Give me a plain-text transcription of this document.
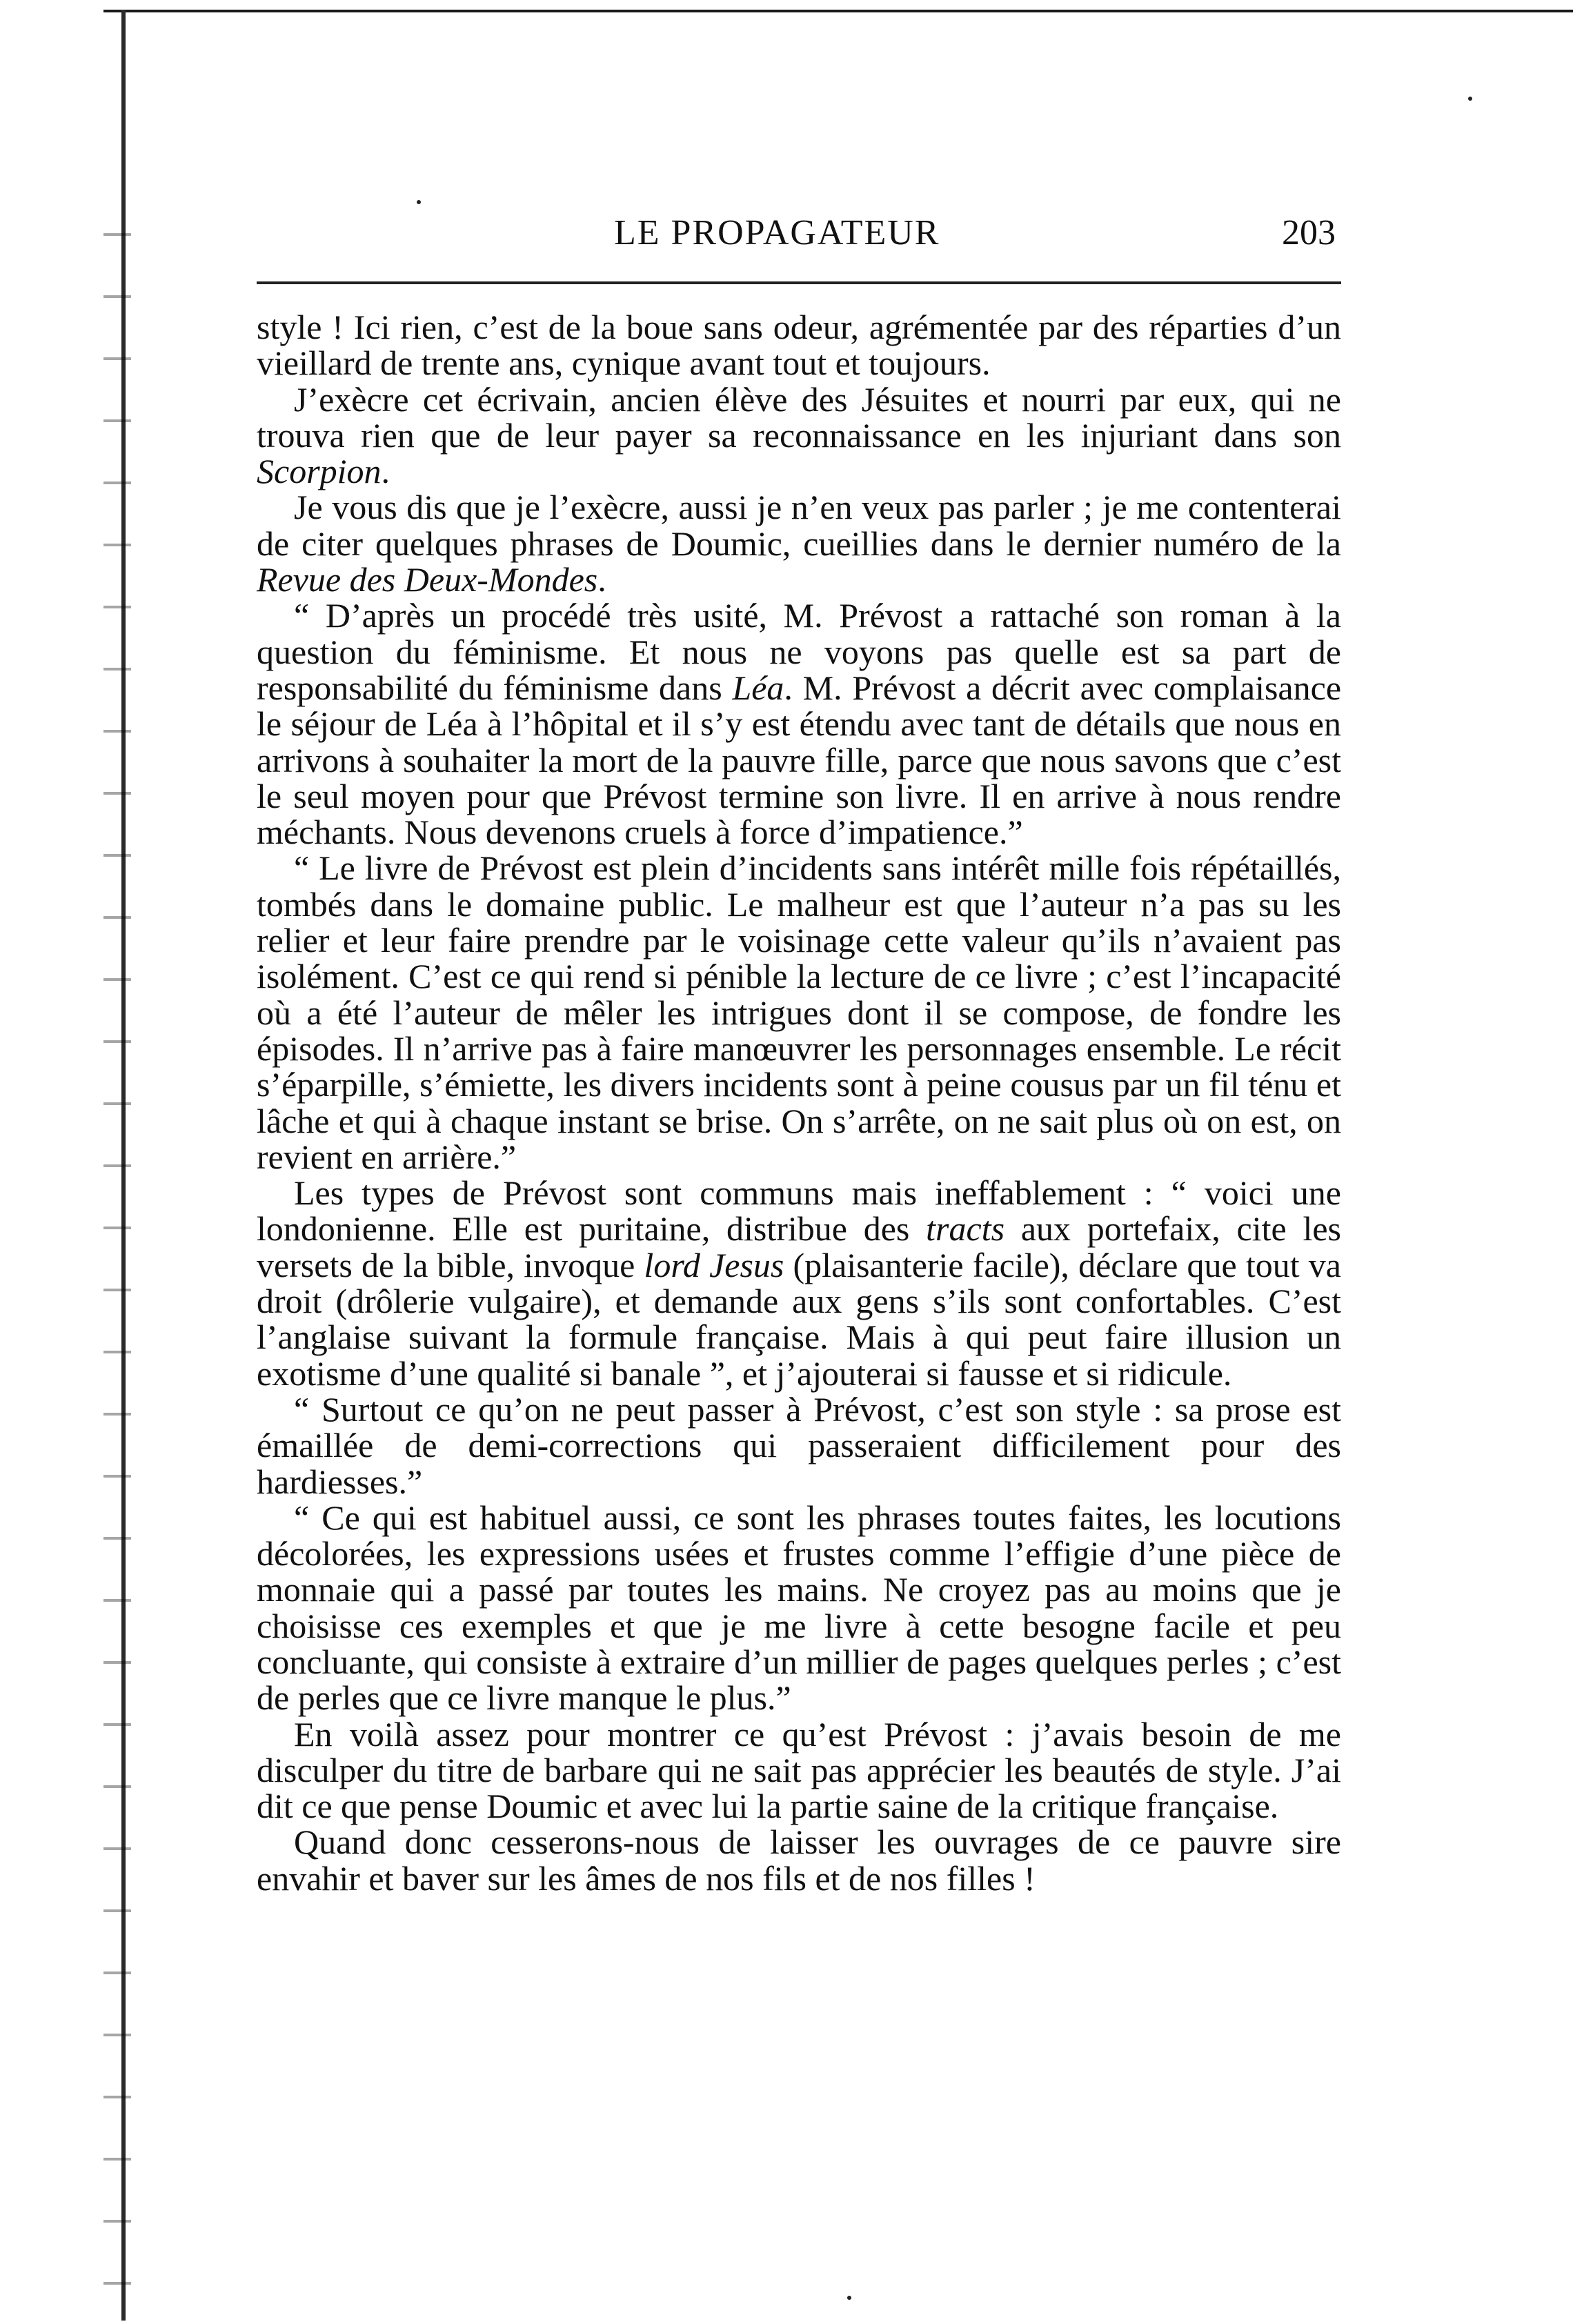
LE PROPAGATEUR	203

style ! Ici rien, c’est de la boue sans odeur, agrémentée par des réparties d’un vieillard de trente ans, cynique avant tout et toujours.

J’exècre cet écrivain, ancien élève des Jésuites et nourri par eux, qui ne trouva rien que de leur payer sa reconnaissance en les injuriant dans son Scorpion.

Je vous dis que je l’exècre, aussi je n’en veux pas parler ; je me contenterai de citer quelques phrases de Doumic, cueillies dans le dernier numéro de la Revue des Deux-Mondes.

“ D’après un procédé très usité, M. Prévost a rattaché son roman à la question du féminisme. Et nous ne voyons pas quelle est sa part de responsabilité du féminisme dans Léa. M. Prévost a décrit avec complaisance le séjour de Léa à l’hôpital et il s’y est étendu avec tant de détails que nous en arrivons à souhaiter la mort de la pauvre fille, parce que nous savons que c’est le seul moyen pour que Prévost termine son livre. Il en arrive à nous rendre méchants. Nous devenons cruels à force d’impatience.”

“ Le livre de Prévost est plein d’incidents sans intérêt mille fois répétaillés, tombés dans le domaine public. Le malheur est que l’auteur n’a pas su les relier et leur faire prendre par le voisinage cette valeur qu’ils n’avaient pas isolément. C’est ce qui rend si pénible la lecture de ce livre ; c’est l’incapacité où a été l’auteur de mêler les intrigues dont il se compose, de fondre les épisodes. Il n’arrive pas à faire manœuvrer les personnages ensemble. Le récit s’éparpille, s’émiette, les divers incidents sont à peine cousus par un fil ténu et lâche et qui à chaque instant se brise. On s’arrête, on ne sait plus où on est, on revient en arrière.”

Les types de Prévost sont communs mais ineffablement : “ voici une londonienne. Elle est puritaine, distribue des tracts aux portefaix, cite les versets de la bible, invoque lord Jesus (plaisanterie facile), déclare que tout va droit (drôlerie vulgaire), et demande aux gens s’ils sont confortables. C’est l’anglaise suivant la formule française. Mais à qui peut faire illusion un exotisme d’une qualité si banale ”, et j’ajouterai si fausse et si ridicule.

“ Surtout ce qu’on ne peut passer à Prévost, c’est son style : sa prose est émaillée de demi-corrections qui passeraient difficilement pour des hardiesses.”

“ Ce qui est habituel aussi, ce sont les phrases toutes faites, les locutions décolorées, les expressions usées et frustes comme l’effigie d’une pièce de monnaie qui a passé par toutes les mains. Ne croyez pas au moins que je choisisse ces exemples et que je me livre à cette besogne facile et peu concluante, qui consiste à extraire d’un millier de pages quelques perles ; c’est de perles que ce livre manque le plus.”

En voilà assez pour montrer ce qu’est Prévost : j’avais besoin de me disculper du titre de barbare qui ne sait pas apprécier les beautés de style. J’ai dit ce que pense Doumic et avec lui la partie saine de la critique française.

Quand donc cesserons-nous de laisser les ouvrages de ce pauvre sire envahir et baver sur les âmes de nos fils et de nos filles !
